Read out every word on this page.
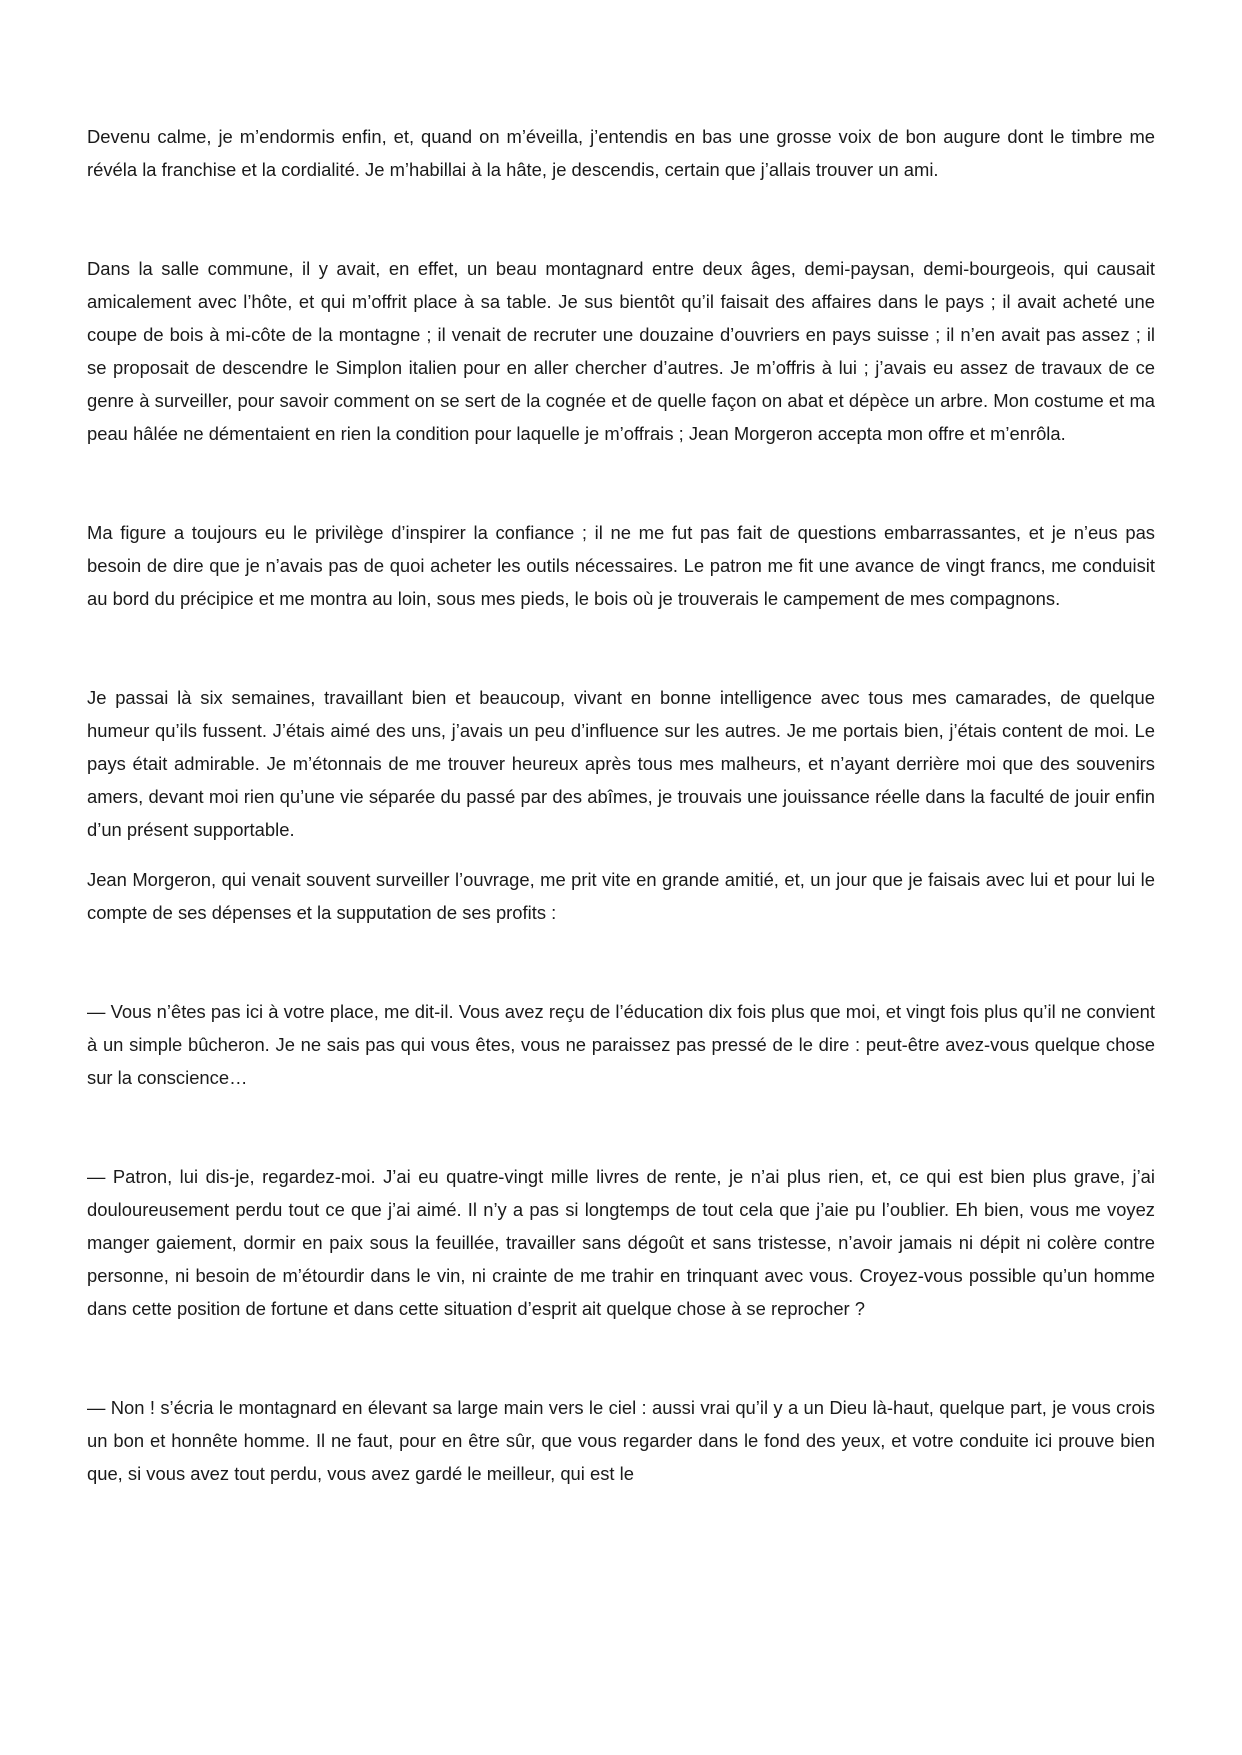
Devenu calme, je m’endormis enfin, et, quand on m’éveilla, j’entendis en bas une grosse voix de bon augure dont le timbre me révéla la franchise et la cordialité. Je m’habillai à la hâte, je descendis, certain que j’allais trouver un ami.

Dans la salle commune, il y avait, en effet, un beau montagnard entre deux âges, demi-paysan, demi-bourgeois, qui causait amicalement avec l’hôte, et qui m’offrit place à sa table. Je sus bientôt qu’il faisait des affaires dans le pays ; il avait acheté une coupe de bois à mi-côte de la montagne ; il venait de recruter une douzaine d’ouvriers en pays suisse ; il n’en avait pas assez ; il se proposait de descendre le Simplon italien pour en aller chercher d’autres. Je m’offris à lui ; j’avais eu assez de travaux de ce genre à surveiller, pour savoir comment on se sert de la cognée et de quelle façon on abat et dépèce un arbre. Mon costume et ma peau hâlée ne démentaient en rien la condition pour laquelle je m’offrais ; Jean Morgeron accepta mon offre et m’enrôla.

Ma figure a toujours eu le privilège d’inspirer la confiance ; il ne me fut pas fait de questions embarrassantes, et je n’eus pas besoin de dire que je n’avais pas de quoi acheter les outils nécessaires. Le patron me fit une avance de vingt francs, me conduisit au bord du précipice et me montra au loin, sous mes pieds, le bois où je trouverais le campement de mes compagnons.

Je passai là six semaines, travaillant bien et beaucoup, vivant en bonne intelligence avec tous mes camarades, de quelque humeur qu’ils fussent. J’étais aimé des uns, j’avais un peu d’influence sur les autres. Je me portais bien, j’étais content de moi. Le pays était admirable. Je m’étonnais de me trouver heureux après tous mes malheurs, et n’ayant derrière moi que des souvenirs amers, devant moi rien qu’une vie séparée du passé par des abîmes, je trouvais une jouissance réelle dans la faculté de jouir enfin d’un présent supportable.

Jean Morgeron, qui venait souvent surveiller l’ouvrage, me prit vite en grande amitié, et, un jour que je faisais avec lui et pour lui le compte de ses dépenses et la supputation de ses profits :

— Vous n’êtes pas ici à votre place, me dit-il. Vous avez reçu de l’éducation dix fois plus que moi, et vingt fois plus qu’il ne convient à un simple bûcheron. Je ne sais pas qui vous êtes, vous ne paraissez pas pressé de le dire : peut-être avez-vous quelque chose sur la conscience…

— Patron, lui dis-je, regardez-moi. J’ai eu quatre-vingt mille livres de rente, je n’ai plus rien, et, ce qui est bien plus grave, j’ai douloureusement perdu tout ce que j’ai aimé. Il n’y a pas si longtemps de tout cela que j’aie pu l’oublier. Eh bien, vous me voyez manger gaiement, dormir en paix sous la feuillée, travailler sans dégoût et sans tristesse, n’avoir jamais ni dépit ni colère contre personne, ni besoin de m’étourdir dans le vin, ni crainte de me trahir en trinquant avec vous. Croyez-vous possible qu’un homme dans cette position de fortune et dans cette situation d’esprit ait quelque chose à se reprocher ?

— Non ! s’écria le montagnard en élevant sa large main vers le ciel : aussi vrai qu’il y a un Dieu là-haut, quelque part, je vous crois un bon et honnête homme. Il ne faut, pour en être sûr, que vous regarder dans le fond des yeux, et votre conduite ici prouve bien que, si vous avez tout perdu, vous avez gardé le meilleur, qui est le
